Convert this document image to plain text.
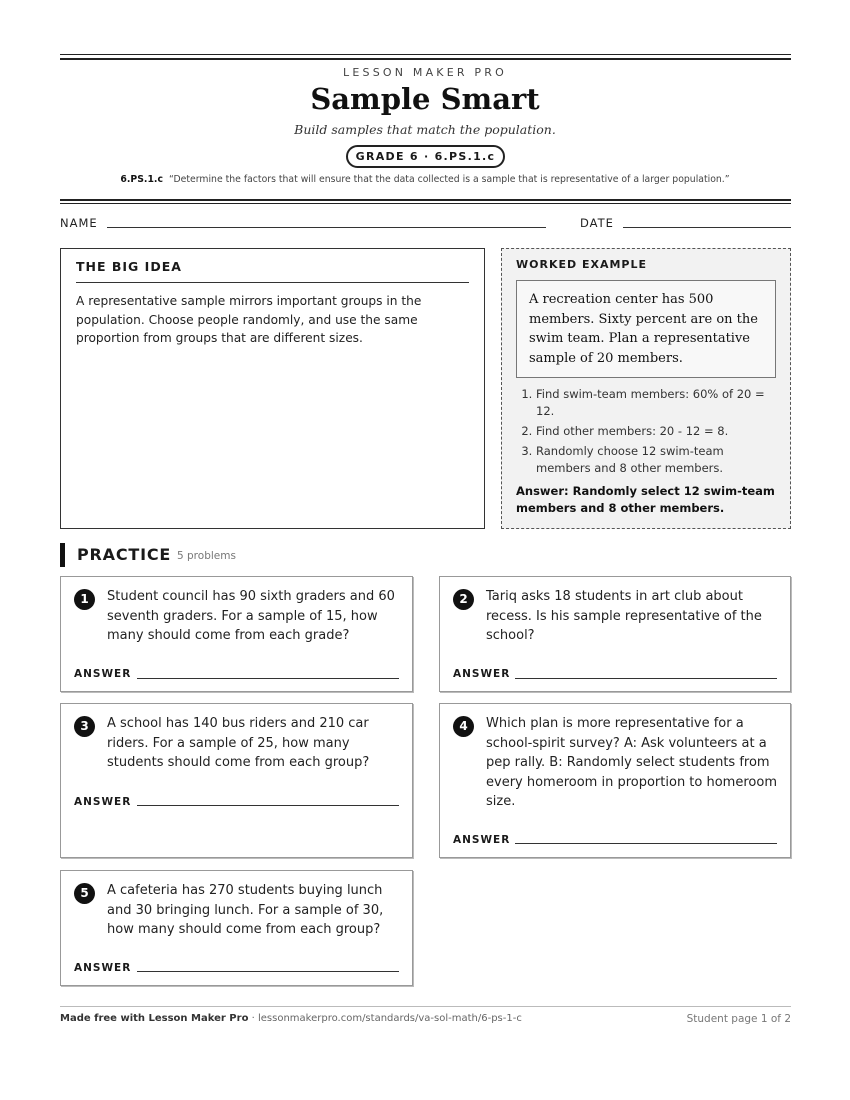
LESSON MAKER PRO
Sample Smart
Build samples that match the population.
GRADE 6 · 6.PS.1.c
6.PS.1.c “Determine the factors that will ensure that the data collected is a sample that is representative of a larger population.”
NAME	DATE
THE BIG IDEA

A representative sample mirrors important groups in the population. Choose people randomly, and use the same proportion from groups that are different sizes.

WORKED EXAMPLE
A recreation center has 500 members. Sixty percent are on the swim team. Plan a representative sample of 20 members.
1. Find swim-team members: 60% of 20 = 12.
2. Find other members: 20 - 12 = 8.
3. Randomly choose 12 swim-team members and 8 other members.
Answer: Randomly select 12 swim-team members and 8 other members.
PRACTICE 5 problems
1	Student council has 90 sixth graders and 60 seventh graders. For a sample of 15, how many should come from each grade?
ANSWER
2	Tariq asks 18 students in art club about recess. Is his sample representative of the school?
ANSWER
3	A school has 140 bus riders and 210 car riders. For a sample of 25, how many students should come from each group?
ANSWER
4	Which plan is more representative for a school-spirit survey? A: Ask volunteers at a pep rally. B: Randomly select students from every homeroom in proportion to homeroom size.
ANSWER
5	A cafeteria has 270 students buying lunch and 30 bringing lunch. For a sample of 30, how many should come from each group?
ANSWER
Made free with Lesson Maker Pro · lessonmakerpro.com/standards/va-sol-math/6-ps-1-c	Student page 1 of 2
